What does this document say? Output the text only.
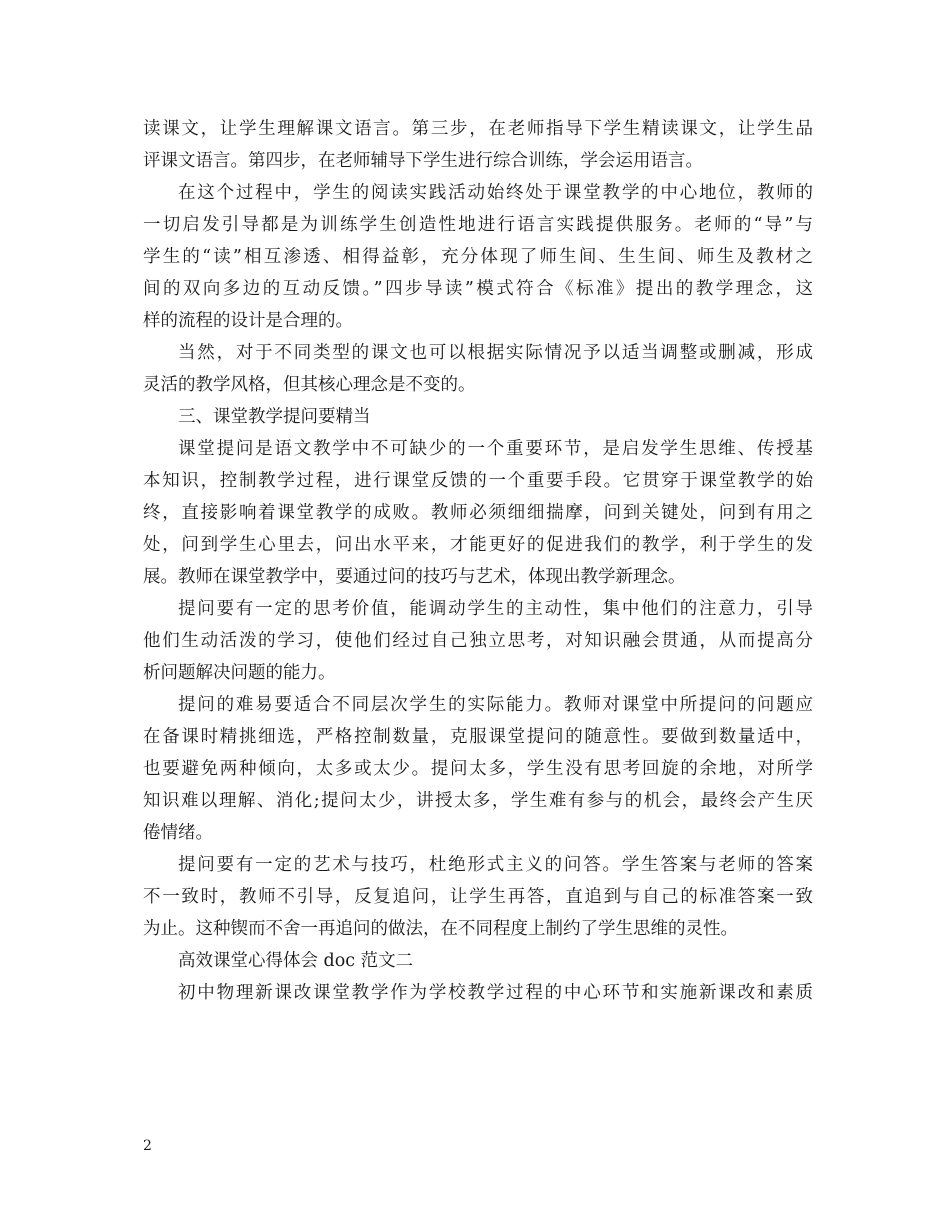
读课文，让学生理解课文语言。第三步，在老师指导下学生精读课文，让学生品
评课文语言。第四步，在老师辅导下学生进行综合训练，学会运用语言。
在这个过程中，学生的阅读实践活动始终处于课堂教学的中心地位，教师的
一切启发引导都是为训练学生创造性地进行语言实践提供服务。老师的“导”与
学生的“读”相互渗透、相得益彰，充分体现了师生间、生生间、师生及教材之
间的双向多边的互动反馈。”四步导读”模式符合《标准》提出的教学理念，这
样的流程的设计是合理的。
当然，对于不同类型的课文也可以根据实际情况予以适当调整或删减，形成
灵活的教学风格，但其核心理念是不变的。
三、课堂教学提问要精当
课堂提问是语文教学中不可缺少的一个重要环节，是启发学生思维、传授基
本知识，控制教学过程，进行课堂反馈的一个重要手段。它贯穿于课堂教学的始
终，直接影响着课堂教学的成败。教师必须细细揣摩，问到关键处，问到有用之
处，问到学生心里去，问出水平来，才能更好的促进我们的教学，利于学生的发
展。教师在课堂教学中，要通过问的技巧与艺术，体现出教学新理念。
提问要有一定的思考价值，能调动学生的主动性，集中他们的注意力，引导
他们生动活泼的学习，使他们经过自己独立思考，对知识融会贯通，从而提高分
析问题解决问题的能力。
提问的难易要适合不同层次学生的实际能力。教师对课堂中所提问的问题应
在备课时精挑细选，严格控制数量，克服课堂提问的随意性。要做到数量适中，
也要避免两种倾向，太多或太少。提问太多，学生没有思考回旋的余地，对所学
知识难以理解、消化;提问太少，讲授太多，学生难有参与的机会，最终会产生厌
倦情绪。
提问要有一定的艺术与技巧，杜绝形式主义的问答。学生答案与老师的答案
不一致时，教师不引导，反复追问，让学生再答，直追到与自己的标准答案一致
为止。这种锲而不舍一再追问的做法，在不同程度上制约了学生思维的灵性。
高效课堂心得体会 doc 范文二
初中物理新课改课堂教学作为学校教学过程的中心环节和实施新课改和素质
2
